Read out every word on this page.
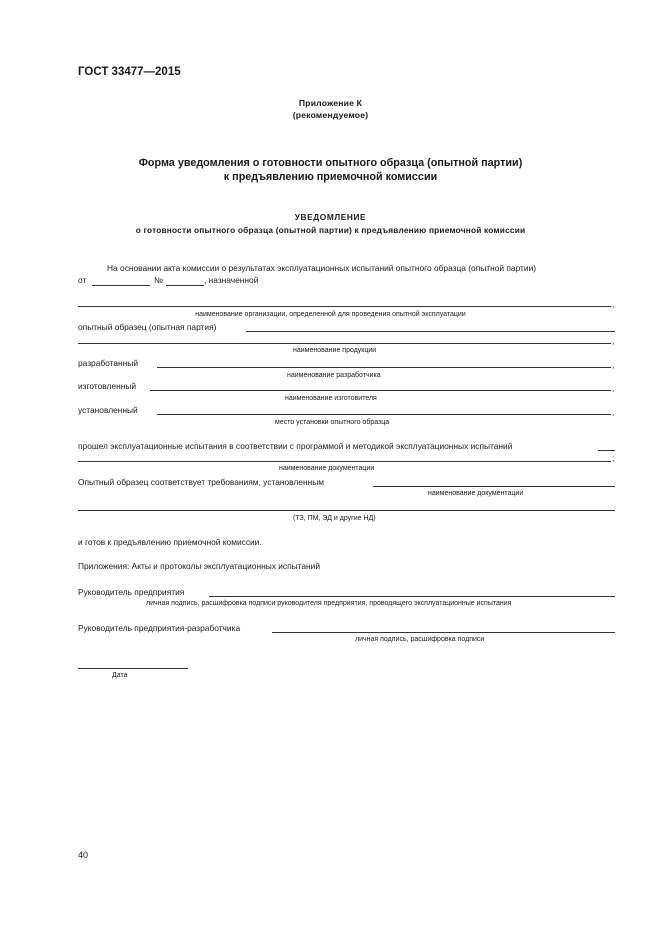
ГОСТ 33477—2015
Приложение К
(рекомендуемое)
Форма уведомления о готовности опытного образца (опытной партии)
к предъявлению приемочной комиссии
УВЕДОМЛЕНИЕ
о готовности опытного образца (опытной партии) к предъявлению приемочной комиссии
На основании акта комиссии о результатах эксплуатационных испытаний опытного образца (опытной партии)
от	№	, назначенной
,
наименование организации, определенной для проведения опытной эксплуатации
опытный образец (опытная партия)
,
наименование продукции
разработанный	,
наименование разработчика
изготовленный	,
наименование изготовителя
установленный	,
место установки опытного образца
прошел эксплуатационные испытания в соответствии с программой и методикой эксплуатационных испытаний
;
наименование документации
Опытный образец соответствует требованиям, установленным
наименование документации
(ТЗ, ПМ, ЭД и другие НД)
и готов к предъявлению приемочной комиссии.
Приложения: Акты и протоколы эксплуатационных испытаний
Руководитель предприятия
личная подпись, расшифровка подписи руководителя предприятия, проводящего эксплуатационные испытания
Руководитель предприятия-разработчика
личная подпись, расшифровка подписи
Дата
40
